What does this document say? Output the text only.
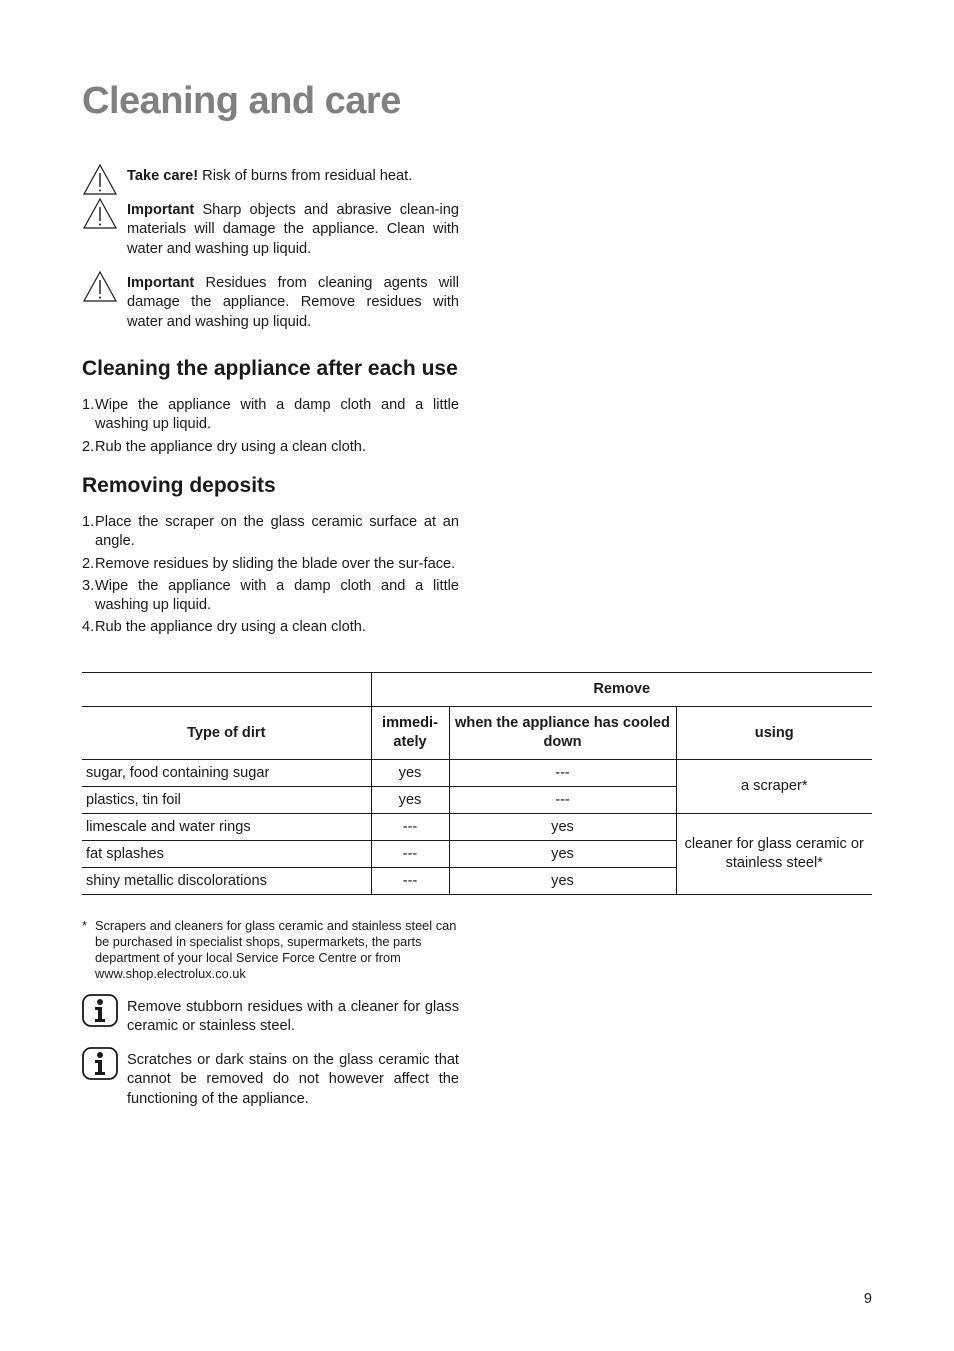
Cleaning and care
Take care! Risk of burns from residual heat.
Important Sharp objects and abrasive clean-ing materials will damage the appliance. Clean with water and washing up liquid.
Important Residues from cleaning agents will damage the appliance. Remove residues with water and washing up liquid.
Cleaning the appliance after each use
1. Wipe the appliance with a damp cloth and a little washing up liquid.
2. Rub the appliance dry using a clean cloth.
Removing deposits
1. Place the scraper on the glass ceramic surface at an angle.
2. Remove residues by sliding the blade over the sur-face.
3. Wipe the appliance with a damp cloth and a little washing up liquid.
4. Rub the appliance dry using a clean cloth.
	Remove		
Type of dirt	immedi-ately	when the appliance has cooled down	using
sugar, food containing sugar	yes	---	a scraper*
plastics, tin foil	yes	---	
limescale and water rings	---	yes	cleaner for glass ceramic or stainless steel*
fat splashes	---	yes	
shiny metallic discolorations	---	yes	
* Scrapers and cleaners for glass ceramic and stainless steel can be purchased in specialist shops, supermarkets, the parts department of your local Service Force Centre or from www.shop.electrolux.co.uk
Remove stubborn residues with a cleaner for glass ceramic or stainless steel.
Scratches or dark stains on the glass ceramic that cannot be removed do not however affect the functioning of the appliance.
9
